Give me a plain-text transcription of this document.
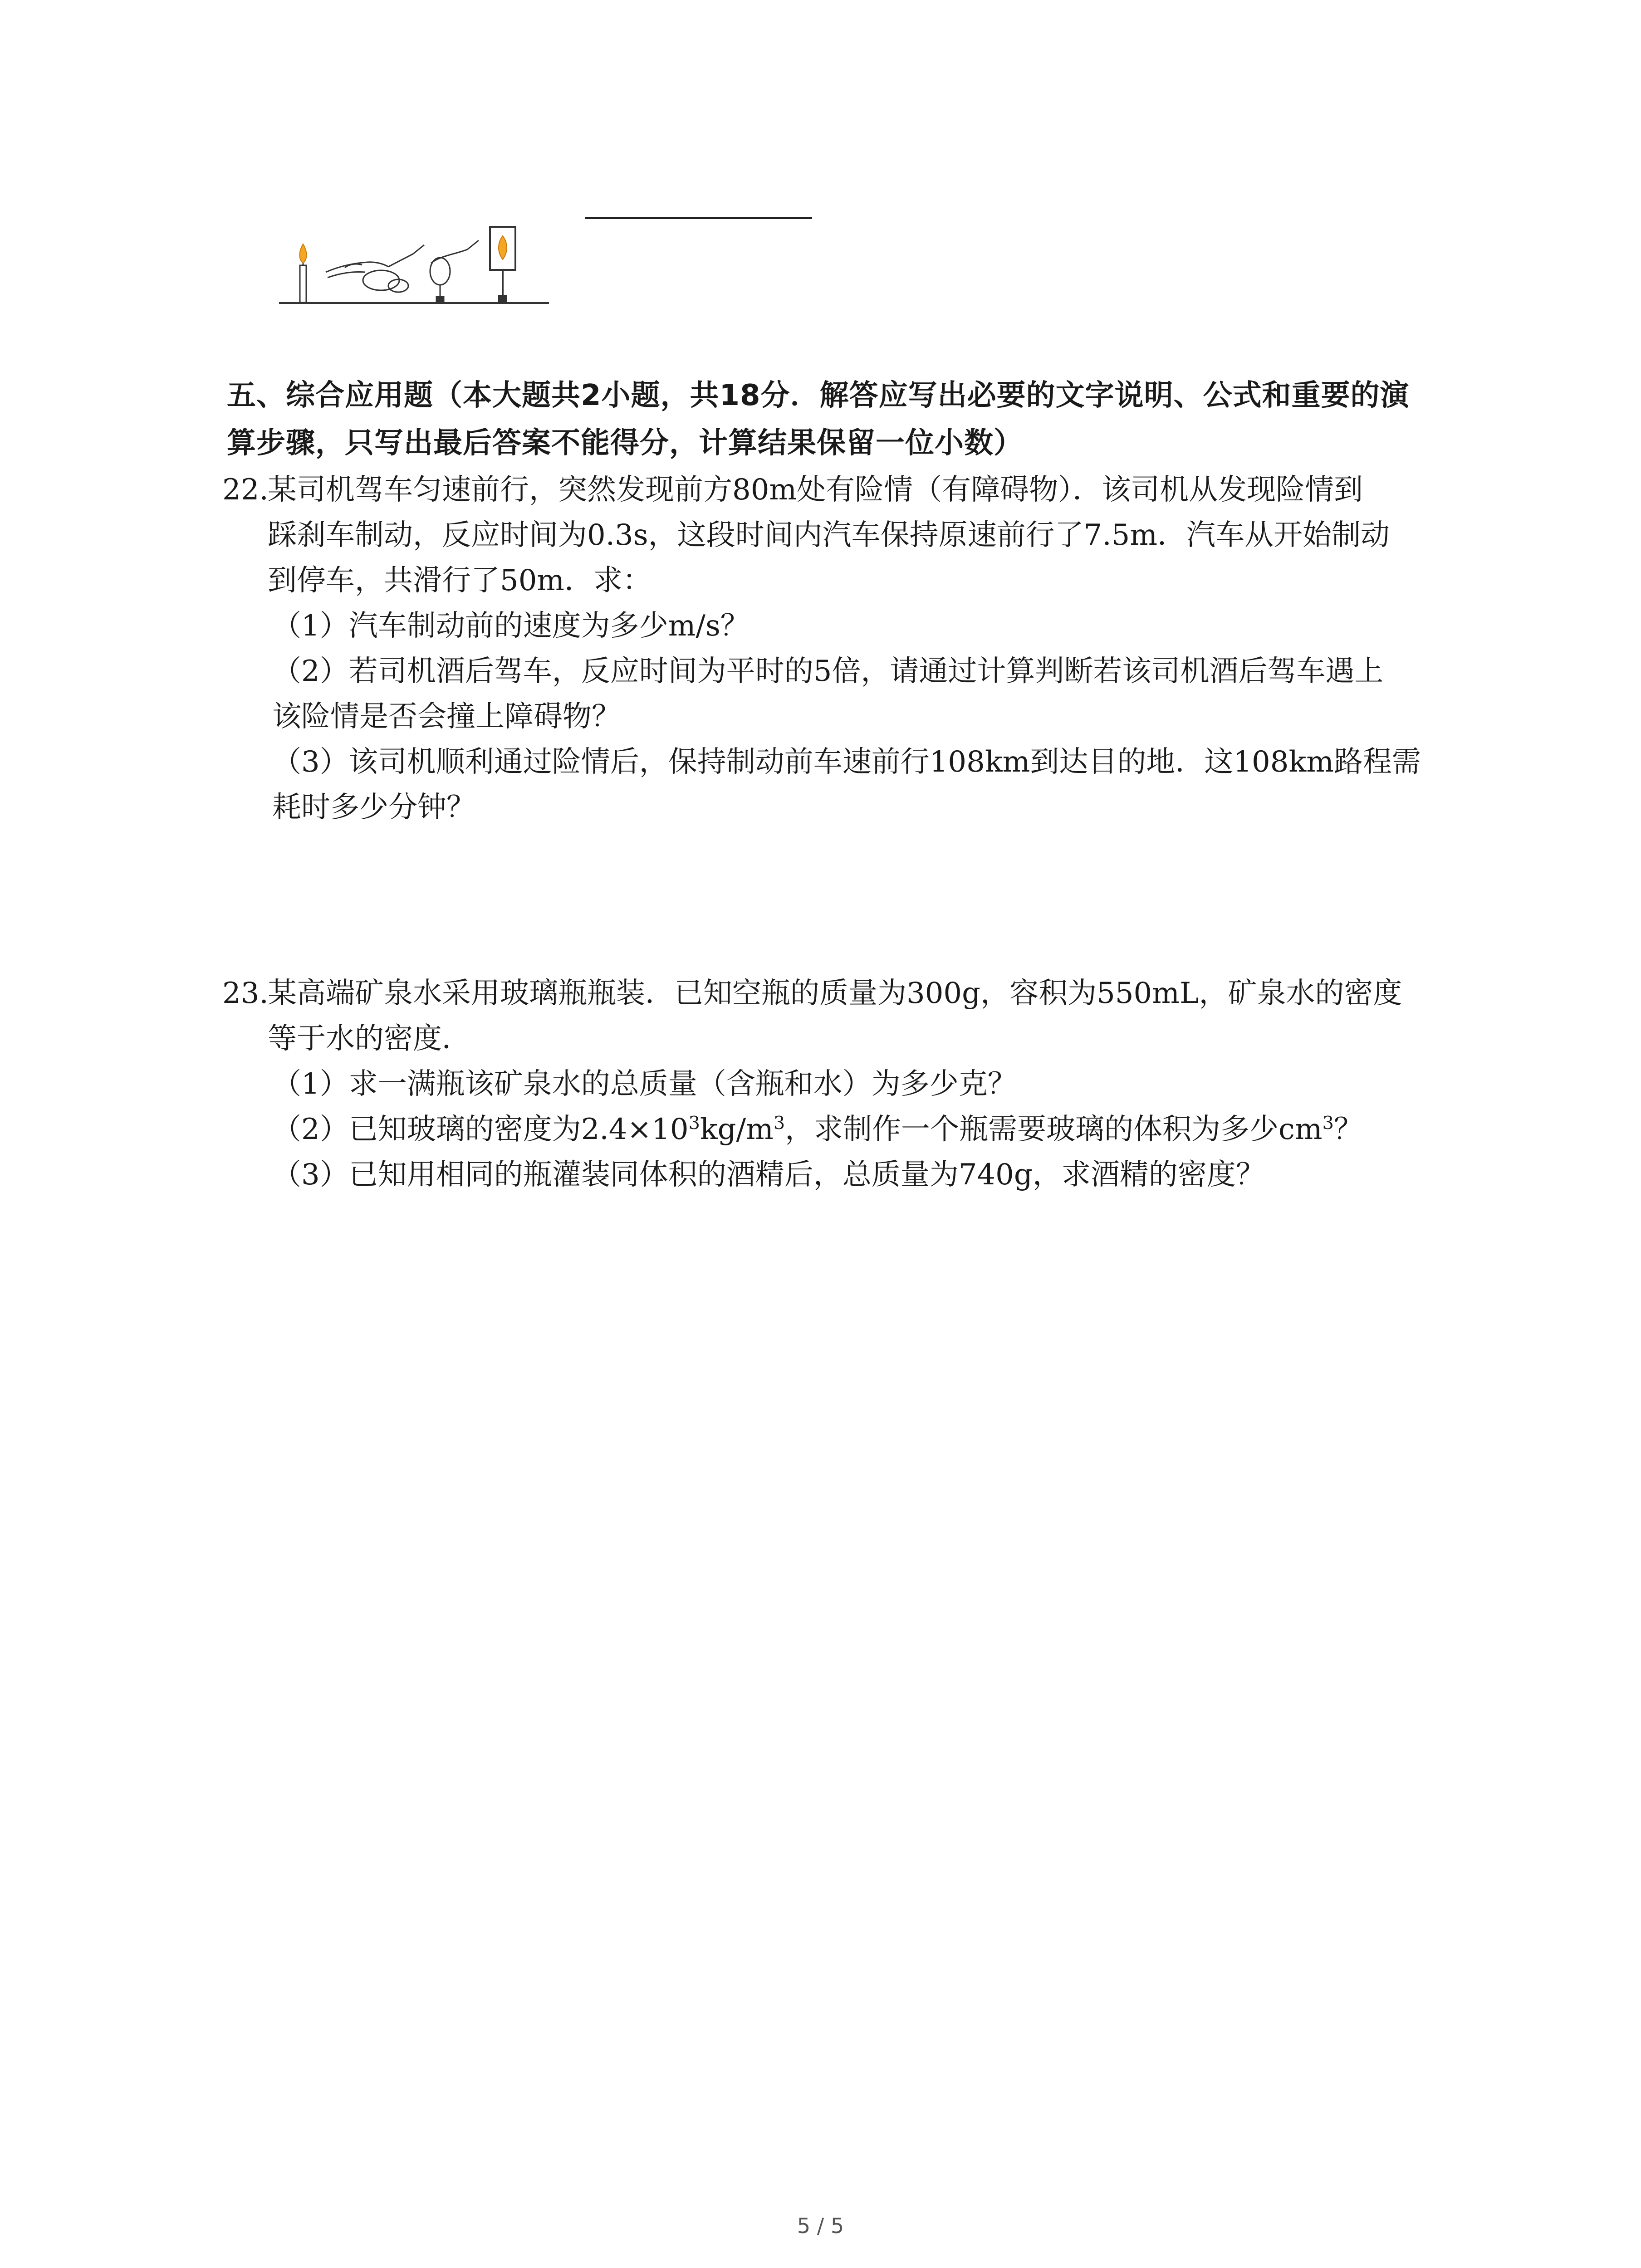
五、综合应用题（本大题共2小题，共18分．解答应写出必要的文字说明、公式和重要的演
算步骤，只写出最后答案不能得分，计算结果保留一位小数）
22.某司机驾车匀速前行，突然发现前方80m处有险情（有障碍物）．该司机从发现险情到
踩刹车制动，反应时间为0.3s，这段时间内汽车保持原速前行了7.5m．汽车从开始制动
到停车，共滑行了50m．求：
（1）汽车制动前的速度为多少m/s？
（2）若司机酒后驾车，反应时间为平时的5倍，请通过计算判断若该司机酒后驾车遇上
该险情是否会撞上障碍物？
（3）该司机顺利通过险情后，保持制动前车速前行108km到达目的地．这108km路程需
耗时多少分钟？
23.某高端矿泉水采用玻璃瓶瓶装．已知空瓶的质量为300g，容积为550mL，矿泉水的密度
等于水的密度．
（1）求一满瓶该矿泉水的总质量（含瓶和水）为多少克？
（2）已知玻璃的密度为$2.4\times 10^3kg/m^3$，求制作一个瓶需要玻璃的体积为多少$cm^3$？
（3）已知用相同的瓶灌装同体积的酒精后，总质量为740g，求酒精的密度？
5 / 5
